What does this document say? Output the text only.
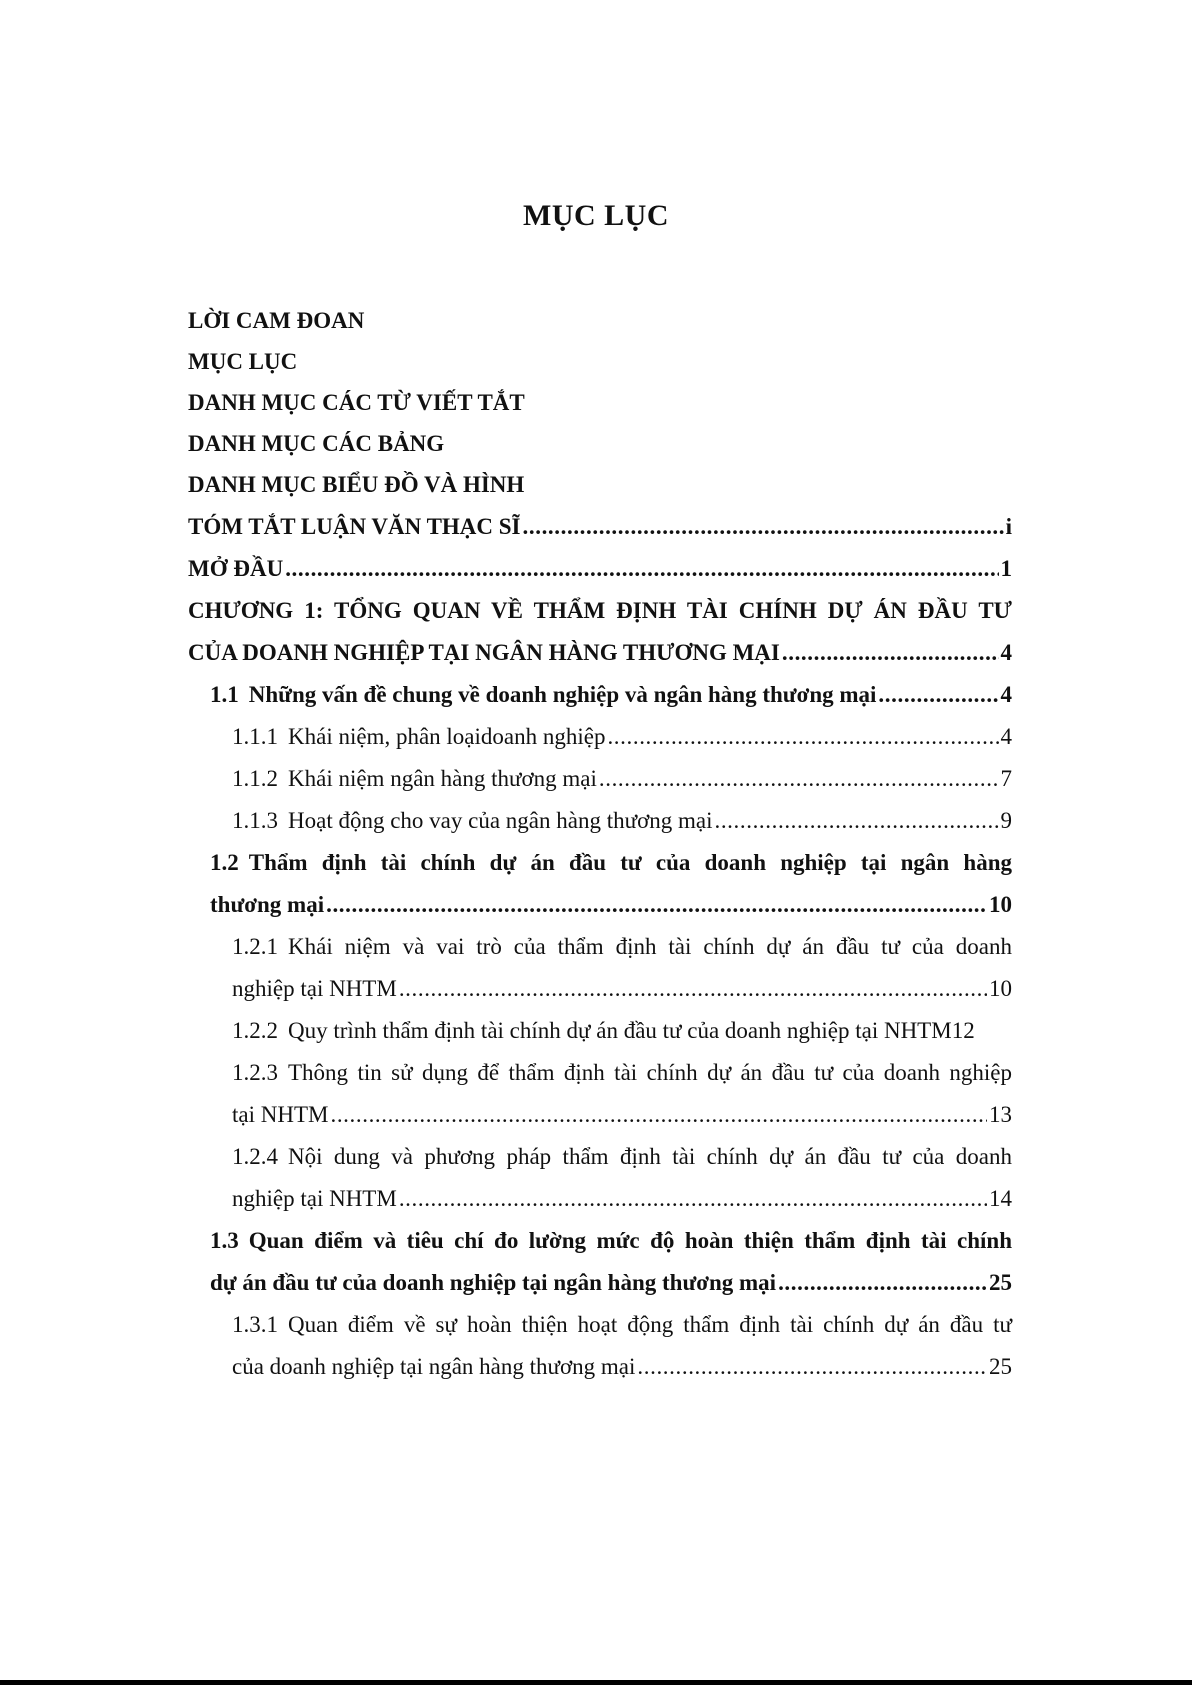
MỤC LỤC
LỜI CAM ĐOAN
MỤC LỤC
DANH MỤC CÁC TỪ VIẾT TẮT
DANH MỤC CÁC BẢNG
DANH MỤC BIỂU ĐỒ VÀ HÌNH
TÓM TẮT LUẬN VĂN THẠC SĨ .....	i
MỞ ĐẦU .....	1
CHƯƠNG 1: TỔNG QUAN VỀ THẨM ĐỊNH TÀI CHÍNH DỰ ÁN ĐẦU TƯ
CỦA DOANH NGHIỆP TẠI NGÂN HÀNG THƯƠNG MẠI .....	4
1.1 Những vấn đề chung về doanh nghiệp và ngân hàng thương mại .....	4
1.1.1 Khái niệm, phân loạidoanh nghiệp .....	4
1.1.2 Khái niệm ngân hàng thương mại .....	7
1.1.3 Hoạt động cho vay của ngân hàng thương mại .....	9
1.2 Thẩm định tài chính dự án đầu tư của doanh nghiệp tại ngân hàng
thương mại .....	10
1.2.1 Khái niệm và vai trò của thẩm định tài chính dự án đầu tư của doanh
nghiệp tại NHTM .....	10
1.2.2 Quy trình thẩm định tài chính dự án đầu tư của doanh nghiệp tại NHTM 12
1.2.3 Thông tin sử dụng để thẩm định tài chính dự án đầu tư của doanh nghiệp
tại NHTM .....	13
1.2.4 Nội dung và phương pháp thẩm định tài chính dự án đầu tư của doanh
nghiệp tại NHTM .....	14
1.3 Quan điểm và tiêu chí đo lường mức độ hoàn thiện thẩm định tài chính
dự án đầu tư của doanh nghiệp tại ngân hàng thương mại .....	25
1.3.1 Quan điểm về sự hoàn thiện hoạt động thẩm định tài chính dự án đầu tư
của doanh nghiệp tại ngân hàng thương mại .....	25
